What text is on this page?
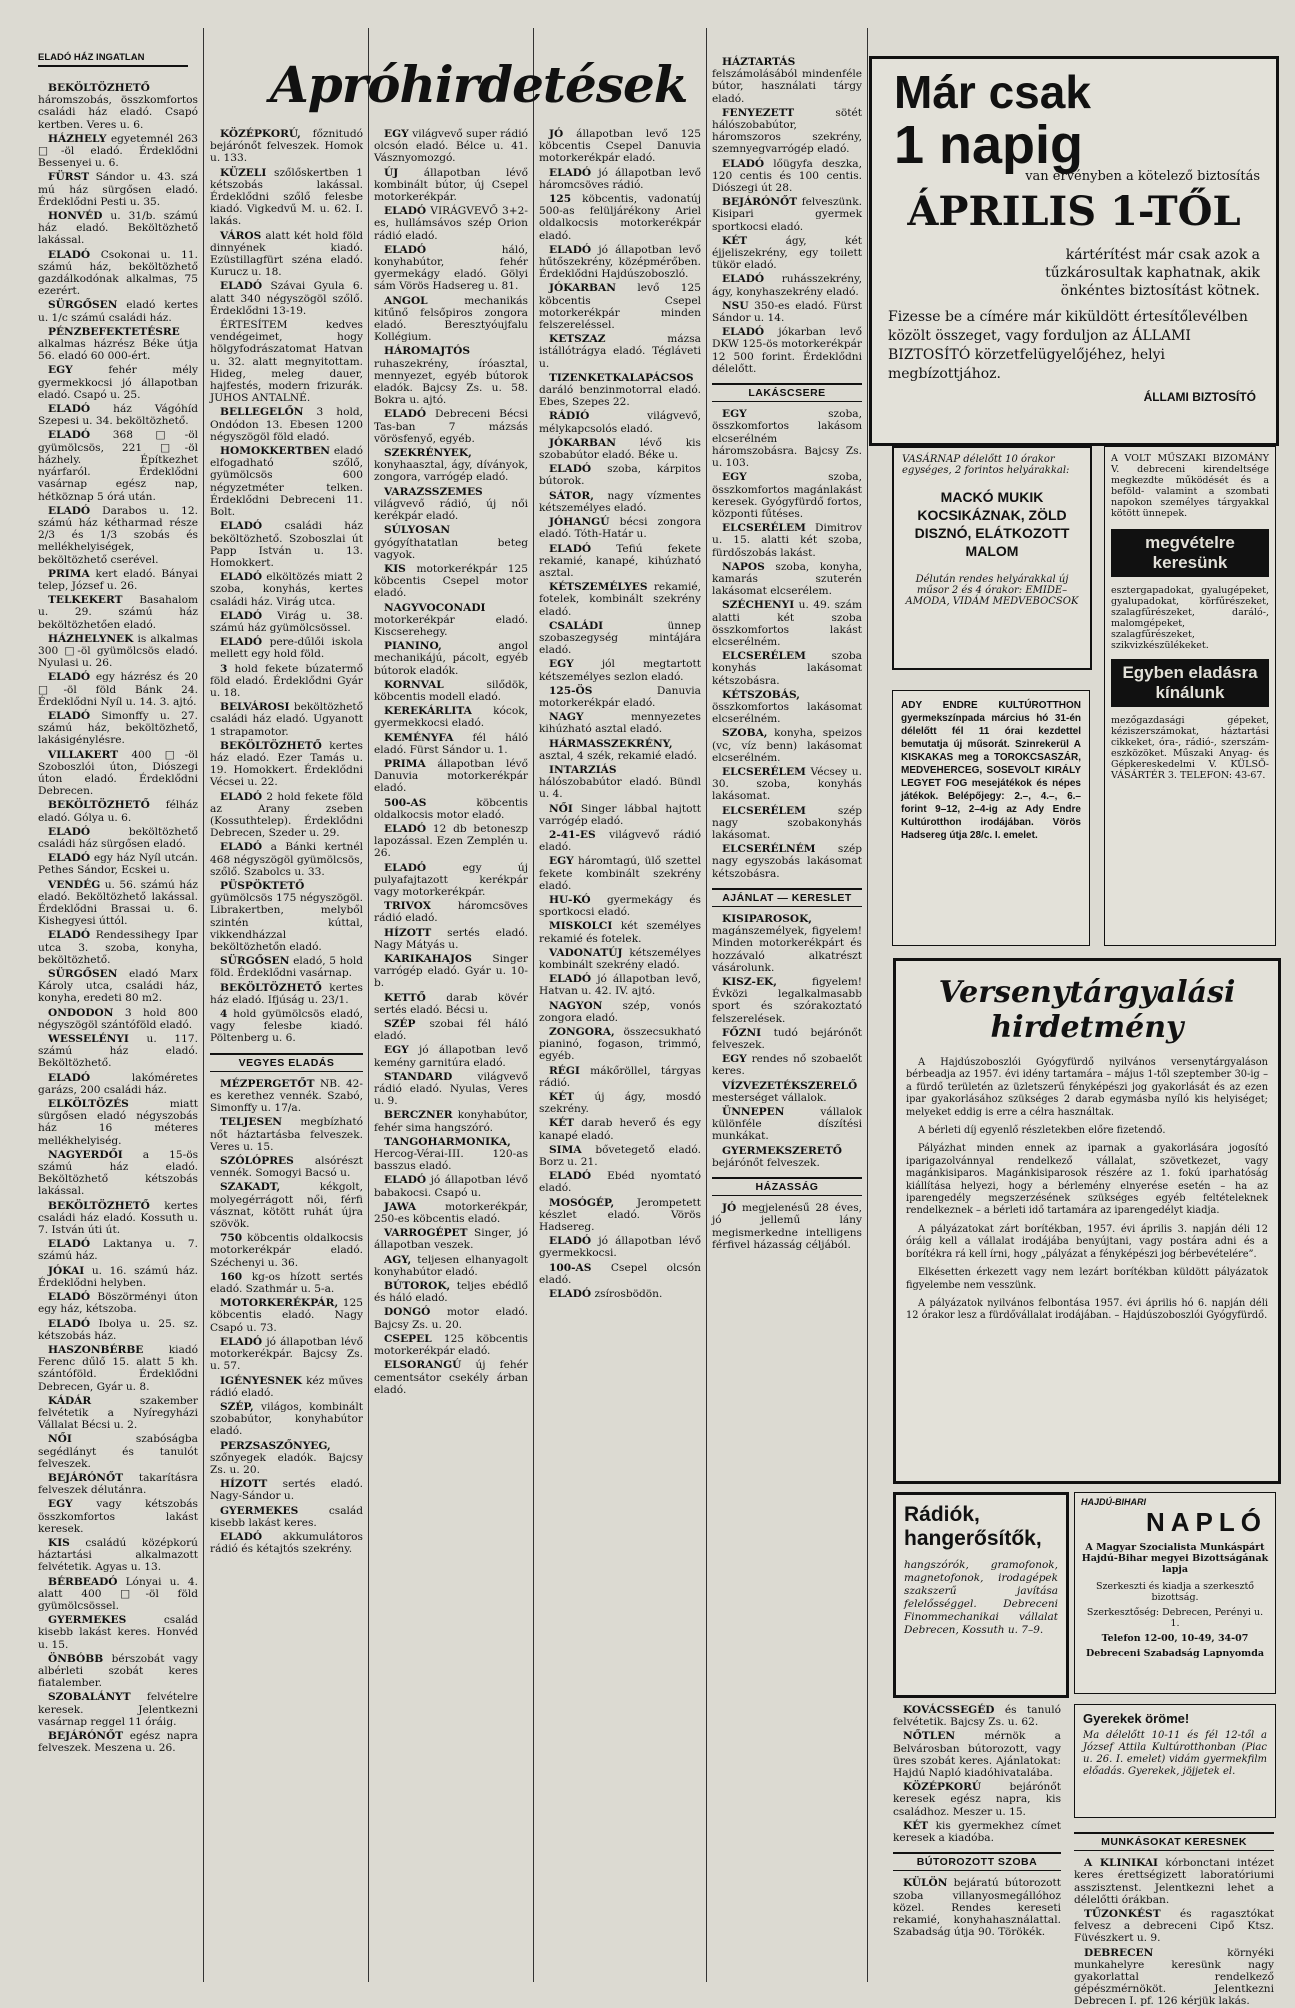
Apróhirdetések
ELADÓ HÁZ INGATLAN

BEKÖLTÖZHETŐ háromszobás, összkomfortos családi ház eladó. Csapó kertben. Veres u. 6.

HÁZHELY egyetemnél 263 □-öl eladó. Érdeklődni Bessenyei u. 6.

FÜRST Sándor u. 43. szá mú ház sürgősen eladó. Érdeklődni Pesti u. 35.

HONVÉD u. 31/b. számú ház eladó. Beköltözhető lakással.

ELADÓ Csokonai u. 11. számú ház, beköltözhető gazdálkodónak alkalmas, 75 ezerért.

SÜRGŐSEN eladó kertes u. 1/c számú családi ház.

PÉNZBEFEKTETÉSRE alkalmas házrész Béke útja 56. eladó 60 000-ért.

EGY	fehér mély gyermekkocsi jó állapotban eladó. Csapó u. 25.

ELADÓ ház Vágóhíd Szepesi u. 34. beköltözhető.

ELADÓ 368 □-öl gyümölcsös, 221 □-öl házhely. Építkezhet nyárfaról. Érdeklődni vasárnap egész nap, hétköznap 5 órá után.

ELADÓ Darabos u. 12. számú ház kétharmad része 2/3 és 1/3 szobás és mellékhelyiségek, beköltözhető cserével.

PRIMA kert eladó. Bányai telep, József u. 26.

TELKEKERT Basahalom u. 29. számú ház beköltözhetően eladó.

HÁZHELYNEK is alkalmas 300 □-öl gyümölcsös eladó. Nyulasi u. 26.

ELADÓ egy házrész és 20 □-öl föld Bánk 24. Érdeklődni Nyíl u. 14. 3. ajtó.

ELADÓ Simonffy u. 27. számú ház, beköltözhető, lakásigénylésre.

VILLAKERT 400 □-öl Szoboszlói úton, Diószegi úton eladó. Érdeklődni Debrecen.

BEKÖLTÖZHETŐ félház eladó. Gólya u. 6.

ELADÓ	beköltözhető családi ház sürgősen eladó.

ELADÓ egy ház Nyíl utcán. Pethes Sándor, Ecskei u.

VENDÉG u. 56. számú ház eladó. Beköltözhető lakással. Érdeklődni Brassai u. 6. Kishegyesi úttól.

ELADÓ Rendessihegy Ipar utca 3. szoba, konyha, beköltözhető.

SÜRGŐSEN eladó Marx Károly utca, családi ház, konyha, eredeti 80 m2.

ONDODON 3 hold 800 négyszögöl szántóföld eladó.

WESSELÉNYI u. 117. számú ház eladó. Beköltözhető.

ELADÓ	lakóméretes garázs, 200 családi ház.

ELKÖLTÖZÉS	miatt sürgősen eladó négyszobás ház 16 méteres mellékhelyiség.

NAGYERDŐI a 15-ös számú ház eladó. Beköltözhető kétszobás lakással.

BEKÖLTÖZHETŐ kertes családi ház eladó. Kossuth u. 7. István úti út.

ELADÓ Laktanya u. 7. számú ház.

JÓKAI u. 16. számú ház. Érdeklődni helyben.

ELADÓ Böszörményi úton egy ház, kétszoba.

ELADÓ Ibolya u. 25. sz. kétszobás ház.

HASZONBÉRBE kiadó Ferenc dűlő 15. alatt 5 kh. szántóföld. Érdeklődni Debrecen, Gyár u. 8.

KÁDÁR	szakember felvétetik a Nyíregyházi Vállalat Bécsi u. 2.

NŐI	szabóságba segédlányt és tanulót felveszek.

BEJÁRÓNŐT takarításra felveszek délutánra.

EGY vagy kétszobás összkomfortos lakást keresek.

KIS családú középkorú háztartási alkalmazott felvétetik. Agyas u. 13.

BÉRBEADÓ Lónyai u. 4. alatt 400 □-öl föld gyümölcsössel.

GYERMEKES	család kisebb lakást keres. Honvéd u. 15.

ÖNBÓBB bérszobát vagy albérleti szobát keres fiatalember.

SZOBALÁNYT felvételre keresek. Jelentkezni vasárnap reggel 11 óráig.

BEJÁRÓNŐT egész napra felveszek. Meszena u. 26.

KÖZÉPKORÚ, főznitudó bejárónőt felveszek. Homok u. 133.

KÜZELI szőlőskertben 1 kétszobás lakással. Érdeklődni szőlő felesbe kiadó. Vigkedvű M. u. 62. I. lakás.

VÁROS alatt két hold föld dinnyének kiadó. Ezüstillagfürt széna eladó. Kurucz u. 18.

ELADÓ Szávai Gyula 6. alatt 340 négyszögöl szőlő. Érdeklődni 13-19.

ÉRTESÍTEM kedves vendégeimet, hogy hölgyfodrászatomat Hatvan u. 32. alatt megnyitottam. Hideg, meleg dauer, hajfestés, modern frizurák. JUHOS ANTALNÉ.

BELLEGELŐN 3 hold, Ondódon 13. Ebesen 1200 négyszögöl föld eladó.

HOMOKKERTBEN eladó elfogadható szőlő, gyümölcsös 600 négyzetméter telken. Érdeklődni Debreceni 11. Bolt.

ELADÓ családi ház beköltözhető. Szoboszlai út Papp István u. 13. Homokkert.

ELADÓ elköltözés miatt 2 szoba, konyhás, kertes családi ház. Virág utca.

ELADÓ Virág u. 38. számú ház gyümölcsössel.

ELADÓ pere-dűlői iskola mellett egy hold föld.

3 hold fekete búzatermő föld eladó. Érdeklődni Gyár u. 18.

BELVÁROSI beköltözhető családi ház eladó. Ugyanott 1 strapamotor.

BEKÖLTÖZHETŐ kertes ház eladó. Ezer Tamás u. 19. Homokkert. Érdeklődni Vécsei u. 22.

ELADÓ 2 hold fekete föld az Arany zseben (Kossuthtelep). Érdeklődni Debrecen, Szeder u. 29.

ELADÓ a Bánki kertnél 468 négyszögöl gyümölcsös, szőlő. Szabolcs u. 33.

PÜSPÖKTETŐ gyümölcsös 175 négyszögöl. Librakertben, melyből szintén kúttal, vikkendházzal beköltözhetőn eladó.

SÜRGŐSEN eladó, 5 hold föld. Érdeklődni vasárnap.

BEKÖLTÖZHETŐ kertes ház eladó. Ifjúság u. 23/1.

4 hold gyümölcsös eladó, vagy felesbe kiadó. Pöltenberg u. 6.

VEGYES ELADÁS

MÉZPERGETŐT NB. 42-es kerethez vennék. Szabó, Simonffy u. 17/a.

TELJESEN megbízható nőt háztartásba felveszek. Veres u. 15.

SZÓLÓPRES alsórészt vennék. Somogyi Bacsó u.

SZAKADT,	kékgolt, molyegérrágott női, férfi vásznat, kötött ruhát újra szövök.

750 köbcentis oldalkocsis motorkerékpár eladó. Széchenyi u. 36.

160 kg-os hízott sertés eladó. Szathmár u. 5-a.

MOTORKERÉKPÁR, 125 köbcentis eladó. Nagy Csapó u. 73.

ELADÓ jó állapotban lévő motorkerékpár. Bajcsy Zs. u. 57.

IGÉNYESNEK kéz műves rádió eladó.

SZÉP, világos, kombinált szobabútor, konyhabútor eladó.

PERZSASZŐNYEG, szőnyegek eladók. Bajcsy Zs. u. 20.

HÍZOTT sertés eladó. Nagy-Sándor u.

GYERMEKES	család kisebb lakást keres.

ELADÓ akkumulátoros rádió és kétajtós szekrény.

EGY világvevő super rádió olcsón eladó. Bélce u. 41. Vásznyomozgó.

ÚJ állapotban lévő kombinált bútor, új Csepel motorkerékpár.

ELADÓ VIRÁGVEVŐ 3+2-es, hullámsávos szép Orion rádió eladó.

ELADÓ	háló, konyhabútor, fehér gyermekágy eladó. Gölyi sám Vörös Hadsereg u. 81.

ANGOL	mechanikás kitűnő felsőpiros zongora eladó. Beresztyóujfalu Kollégium.

HÁROMAJTÓS ruhaszekrény, íróasztal, mennyezet, egyéb bútorok eladók. Bajcsy Zs. u. 58. Bokra u. ajtó.

ELADÓ Debreceni Bécsi Tas-ban 7 mázsás vörösfenyő, egyéb.

SZEKRÉNYEK, konyhaasztal, ágy, díványok, zongora, varrógép eladó.

VARAZSSZEMES világvevő rádió, új női kerékpár eladó.

SÚLYOSAN gyógyíthatatlan beteg vagyok.

KIS motorkerékpár 125 köbcentis Csepel motor eladó.

NAGYVOCONADI motorkerékpár eladó. Kiscserehegy.

PIANINO,	angol mechanikájú, pácolt, egyéb bútorok eladók.

KORNVAL	silődök, köbcentis modell eladó.

KEREKÁRLITA kócok, gyermekkocsi eladó.

KEMÉNYFA fél háló eladó. Fürst Sándor u. 1.

PRIMA állapotban lévő Danuvia motorkerékpár eladó.

500-AS	köbcentis oldalkocsis motor eladó.

ELADÓ 12 db betoneszp lapozással. Ezen Zemplén u. 26.

ELADÓ	egy új pulyafajtazott kerékpár vagy motorkerékpár.

TRIVOX	háromcsöves rádió eladó.

HÍZOTT sertés eladó. Nagy Mátyás u.

KARIKAHAJOS Singer varrógép eladó. Gyár u. 10-b.

KETTŐ darab kövér sertés eladó. Bécsi u.

SZÉP szobai fél háló eladó.

EGY jó állapotban levő kemény garnitúra eladó.

STANDARD világvevő rádió eladó. Nyulas, Veres u. 9.

BERCZNER konyhabútor, fehér sima hangszóró.

TANGOHARMONIKA, Hercog-Vérai-III. 120-as basszus eladó.

ELADÓ jó állapotban lévő babakocsi. Csapó u.

JAWA	motorkerékpár, 250-es köbcentis eladó.

VARROGÉPET Singer, jó állapotban veszek.

AGY, teljesen elhanyagolt konyhabútor eladó.

BÚTOROK, teljes ebédlő és háló eladó.

DONGÓ motor eladó. Bajcsy Zs. u. 20.

CSEPEL 125 köbcentis motorkerékpár eladó.

ELSORANGÚ új fehér cementsátor csekély árban eladó.

JÓ állapotban levő 125 köbcentis Csepel Danuvia motorkerékpár eladó.

ELADÓ jó állapotban levő háromcsöves rádió.

125 köbcentis, vadonatúj 500-as felüljárékony Ariel oldalkocsis motorkerékpár eladó.

ELADÓ jó állapotban levő hűtőszekrény, középmérőben. Érdeklődni Hajdúszoboszló.

JÓKARBAN levő 125 köbcentis Csepel motorkerékpár minden felszereléssel.

KETSZAZ	mázsa istállótrágya eladó. Tégláveti u.

TIZENKETKALAPÁCSOS daráló benzinmotorral eladó. Ebes, Szepes 22.

RÁDIÓ	világvevő, mélykapcsolós eladó.

JÓKARBAN lévő kis szobabútor eladó. Béke u.

ELADÓ szoba, kárpitos bútorok.

SÁTOR, nagy vízmentes kétszemélyes eladó.

JÓHANGÚ bécsi zongora eladó. Tóth-Határ u.

ELADÓ Tefiú fekete rekamié, kanapé, kihúzható asztal.

KÉTSZEMÉLYES rekamié, fotelek, kombinált szekrény eladó.

CSALÁDI	ünnep szobaszegység mintájára eladó.

EGY	jól megtartott kétszemélyes sezlon eladó.

125-ÖS	Danuvia motorkerékpár eladó.

NAGY	mennyezetes kihúzható asztal eladó.

HÁRMASSZEKRÉNY, asztal, 4 szék, rekamié eladó.

INTARZIÁS hálószobabútor eladó. Bündl u. 4.

NŐI Singer lábbal hajtott varrógép eladó.

2-41-ES világvevő rádió eladó.

EGY háromtagú, ülő szettel fekete kombinált szekrény eladó.

HU-KÓ gyermekágy és sportkocsi eladó.

MISKOLCI két személyes rekamié és fotelek.

VADONATÚJ kétszemélyes kombinált szekrény eladó.

ELADÓ jó állapotban levő, Hatvan u. 42. IV. ajtó.

NAGYON szép, vonós zongora eladó.

ZONGORA, összecsukható pianinó, fogason, trimmó, egyéb.

RÉGI mákőröllel, tárgyas rádió.

KÉT új ágy, mosdó szekrény.

KÉT darab heverő és egy kanapé eladó.

SIMA bővetegető eladó. Borz u. 21.

ELADÓ Ebéd nyomtató eladó.

MOSÓGÉP, Jerompetett készlet eladó. Vörös Hadsereg.

ELADÓ jó állapotban lévő gyermekkocsi.

100-AS Csepel olcsón eladó.

ELADÓ zsírosbödön.

HÁZTARTÁS felszámolásából mindenféle bútor, használati tárgy eladó.

FENYEZETT	sötét hálószobabútor, háromszoros szekrény, szemnyegvarrógép eladó.

ELADÓ lőügyfa deszka, 120 centis és 100 centis. Diószegi út 28.

BEJÁRÓNŐT felveszünk. Kisipari gyermek sportkocsi eladó.

KÉT	ágy, két éjjeliszekrény, egy toilett tükör eladó.

ELADÓ ruhásszekrény, ágy, konyhaszekrény eladó.

NSU 350-es eladó. Fürst Sándor u. 14.

ELADÓ jókarban levő DKW 125-ös motorkerékpár 12 500 forint. Érdeklődni délelőtt.

LAKÁSCSERE

EGY	szoba, összkomfortos lakásom elcserélném háromszobásra. Bajcsy Zs. u. 103.

EGY	szoba, összkomfortos magánlakást keresek. Gyógyfürdő fortos, központi fűtéses.

ELCSERÉLEM Dimitrov u. 15. alatti két szoba, fürdőszobás lakást.

NAPOS szoba, konyha, kamarás szuterén lakásomat elcserélem.

SZÉCHENYI u. 49. szám alatti két szoba összkomfortos lakást elcserélném.

ELCSERÉLEM szoba konyhás lakásomat kétszobásra.

KÉTSZOBÁS, összkomfortos lakásomat elcserélném.

SZOBA, konyha, speizos (vc, víz benn) lakásomat elcserélném.

ELCSERÉLEM Vécsey u. 30. szoba, konyhás lakásomat.

ELCSERÉLEM	szép nagy szobakonyhás lakásomat.

ELCSERÉLNÉM szép nagy egyszobás lakásomat kétszobásra.

AJÁNLAT — KERESLET

KISIPAROSOK, magánszemélyek, figyelem! Minden motorkerékpárt és hozzávaló alkatrészt vásárolunk.

KISZ-EK,	figyelem! Évközi legalkalmasabb sport és szórakoztató felszerelések.

FŐZNI tudó bejárónőt felveszek.

EGY rendes nő szobaelőt keres.

VÍZVEZETÉKSZERELŐ mesterséget vállalok.

ÜNNEPEN	vállalok különféle díszítési munkákat.

GYERMEKSZERETŐ bejárónőt felveszek.

HÁZASSÁG

JÓ megjelenésű 28 éves, jó jellemű lány megismerkedne intelligens férfivel házasság céljából.

Már csak
1 napig
van érvényben a kötelező biztosítás
ÁPRILIS 1-TŐL
kártérítést már csak azok a tűzkárosultak kaphatnak, akik önkéntes biztosítást kötnek.
Fizesse be a címére már kiküldött értesítőlevélben közölt összeget, vagy forduljon az ÁLLAMI BIZTOSÍTÓ körzetfelügyelőjéhez, helyi megbízottjához.
ÁLLAMI BIZTOSÍTÓ
VASÁRNAP délelőtt 10 órakor egységes, 2 forintos helyárakkal:
MACKÓ MUKIK KOCSIKÁZNAK, ZÖLD DISZNÓ, ELÁTKOZOTT MALOM
Délután rendes helyárakkal új műsor 2 és 4 órakor: EMIDE–AMODA, VIDÁM MEDVEBOCSOK
A VOLT MŰSZAKI BIZOMÁNY V. debreceni kirendeltsége megkezdte működését és a beföld- valamint a szombati napokon személyes tárgyakkal kötött ünnepek.
megvételre keresünk
esztergapadokat, gyalugépeket, gyalupadokat, körfűrészeket, szalagfűrészeket, daráló-, malomgépeket, szalagfűrészeket, szikvizkészülékeket.
Egyben eladásra kínálunk
mezőgazdasági gépeket, kéziszerszámokat, háztartási cikkeket, óra-, rádió-, szerszám-eszközöket. Műszaki Anyag- és Gépkereskedelmi V. KÜLSŐ-VÁSÁRTÉR 3. TELEFON: 43-67.
ADY ENDRE KULTÚROTTHON gyermekszínpada március hó 31-én délelőtt fél 11 órai kezdettel bemutatja új műsorát. Szinrekerül A KISKAKAS meg a TOROKCSASZÁR, MEDVEHERCEG, SOSEVOLT KIRÁLY LEGYET FOG mesejátékok és népes játékok. Belépőjegy: 2.–, 4.–, 6.– forint 9–12, 2–4-ig az Ady Endre Kultúrotthon irodájában. Vörös Hadsereg útja 28/c. I. emelet.
Versenytárgyalási
hirdetmény

A Hajdúszoboszlói Gyógyfürdő nyilvános versenytárgyaláson bérbeadja az 1957. évi idény tartamára – május 1-től szeptember 30-ig – a fürdő területén az üzletszerű fényképészi jog gyakorlását és az ezen ipar gyakorlásához szükséges 2 darab egymásba nyíló kis helyiséget; melyeket eddig is erre a célra használtak.

A bérleti díj egyenlő részletekben előre fizetendő.

Pályázhat minden ennek az iparnak a gyakorlására jogosító iparigazolvánnyal rendelkező vállalat, szövetkezet, vagy magánkisiparos. Magánkisiparosok részére az 1. fokú iparhatóság kiállítása helyezi, hogy a bérlemény elnyerése esetén – ha az iparengedély megszerzésének szükséges egyéb feltételeknek rendelkeznek – a bérleti idő tartamára az iparengedélyt kiadja.

A pályázatokat zárt borítékban, 1957. évi április 3. napján déli 12 óráig kell a vállalat irodájába benyújtani, vagy postára adni és a borítékra rá kell írni, hogy „pályázat a fényképészi jog bérbevételére”.

Elkésetten érkezett vagy nem lezárt borítékban küldött pályázatok figyelembe nem vesszünk.

A pályázatok nyilvános felbontása 1957. évi április hó 6. napján déli 12 órakor lesz a fürdővállalat irodájában. – Hajdúszoboszlói Gyógyfürdő.

Rádiók, hangerősítők,
hangszórók, gramofonok, magnetofonok, irodagépek szakszerű javítása felelősséggel. Debreceni Finommechanikai vállalat Debrecen, Kossuth u. 7–9.
HAJDÚ-BIHARI
NAPLÓ
A Magyar Szocialista Munkáspárt Hajdú-Bihar megyei Bizottságának lapja
Szerkeszti és kiadja a szerkesztő bizottság.
Szerkesztőség: Debrecen, Perényi u. 1.
Telefon 12-00, 10-49, 34-07
Debreceni Szabadság Lapnyomda

KOVÁCSSEGÉD és tanuló felvétetik. Bajcsy Zs. u. 62.

NŐTLEN	mérnök a Belvárosban bútorozott, vagy üres szobát keres. Ajánlatokat: Hajdú Napló kiadóhivatalába.

KÖZÉPKORÚ	bejárónőt keresek egész napra, kis családhoz. Meszer u. 15.

KÉT kis gyermekhez címet keresek a kiadóba.

BÚTOROZOTT SZOBA

KÜLÖN bejáratú bútorozott szoba villanyosmegállóhoz közel. Rendes kereseti rekamié, konyhahasználattal. Szabadság útja 90. Törökék.

Gyerekek öröme!
Ma délelőtt 10-11 és fél 12-től a József Attila Kultúrotthonban (Piac u. 26. I. emelet) vidám gyermekfilm előadás. Gyerekek, jöjjetek el.
MUNKÁSOKAT KERESNEK

A KLINIKAI kórbonctani intézet keres érettségizett laboratóriumi asszisztenst. Jelentkezni lehet a délelőtti órákban.

TŰZONKÉST és ragasztókat felvesz a debreceni Cipő Ktsz. Füvészkert u. 9.

DEBRECEN	környéki munkahelyre keresünk nagy gyakorlattal rendelkező gépészmérnököt. Jelentkezni Debrecen I. pf. 126 kérjük lakás.
